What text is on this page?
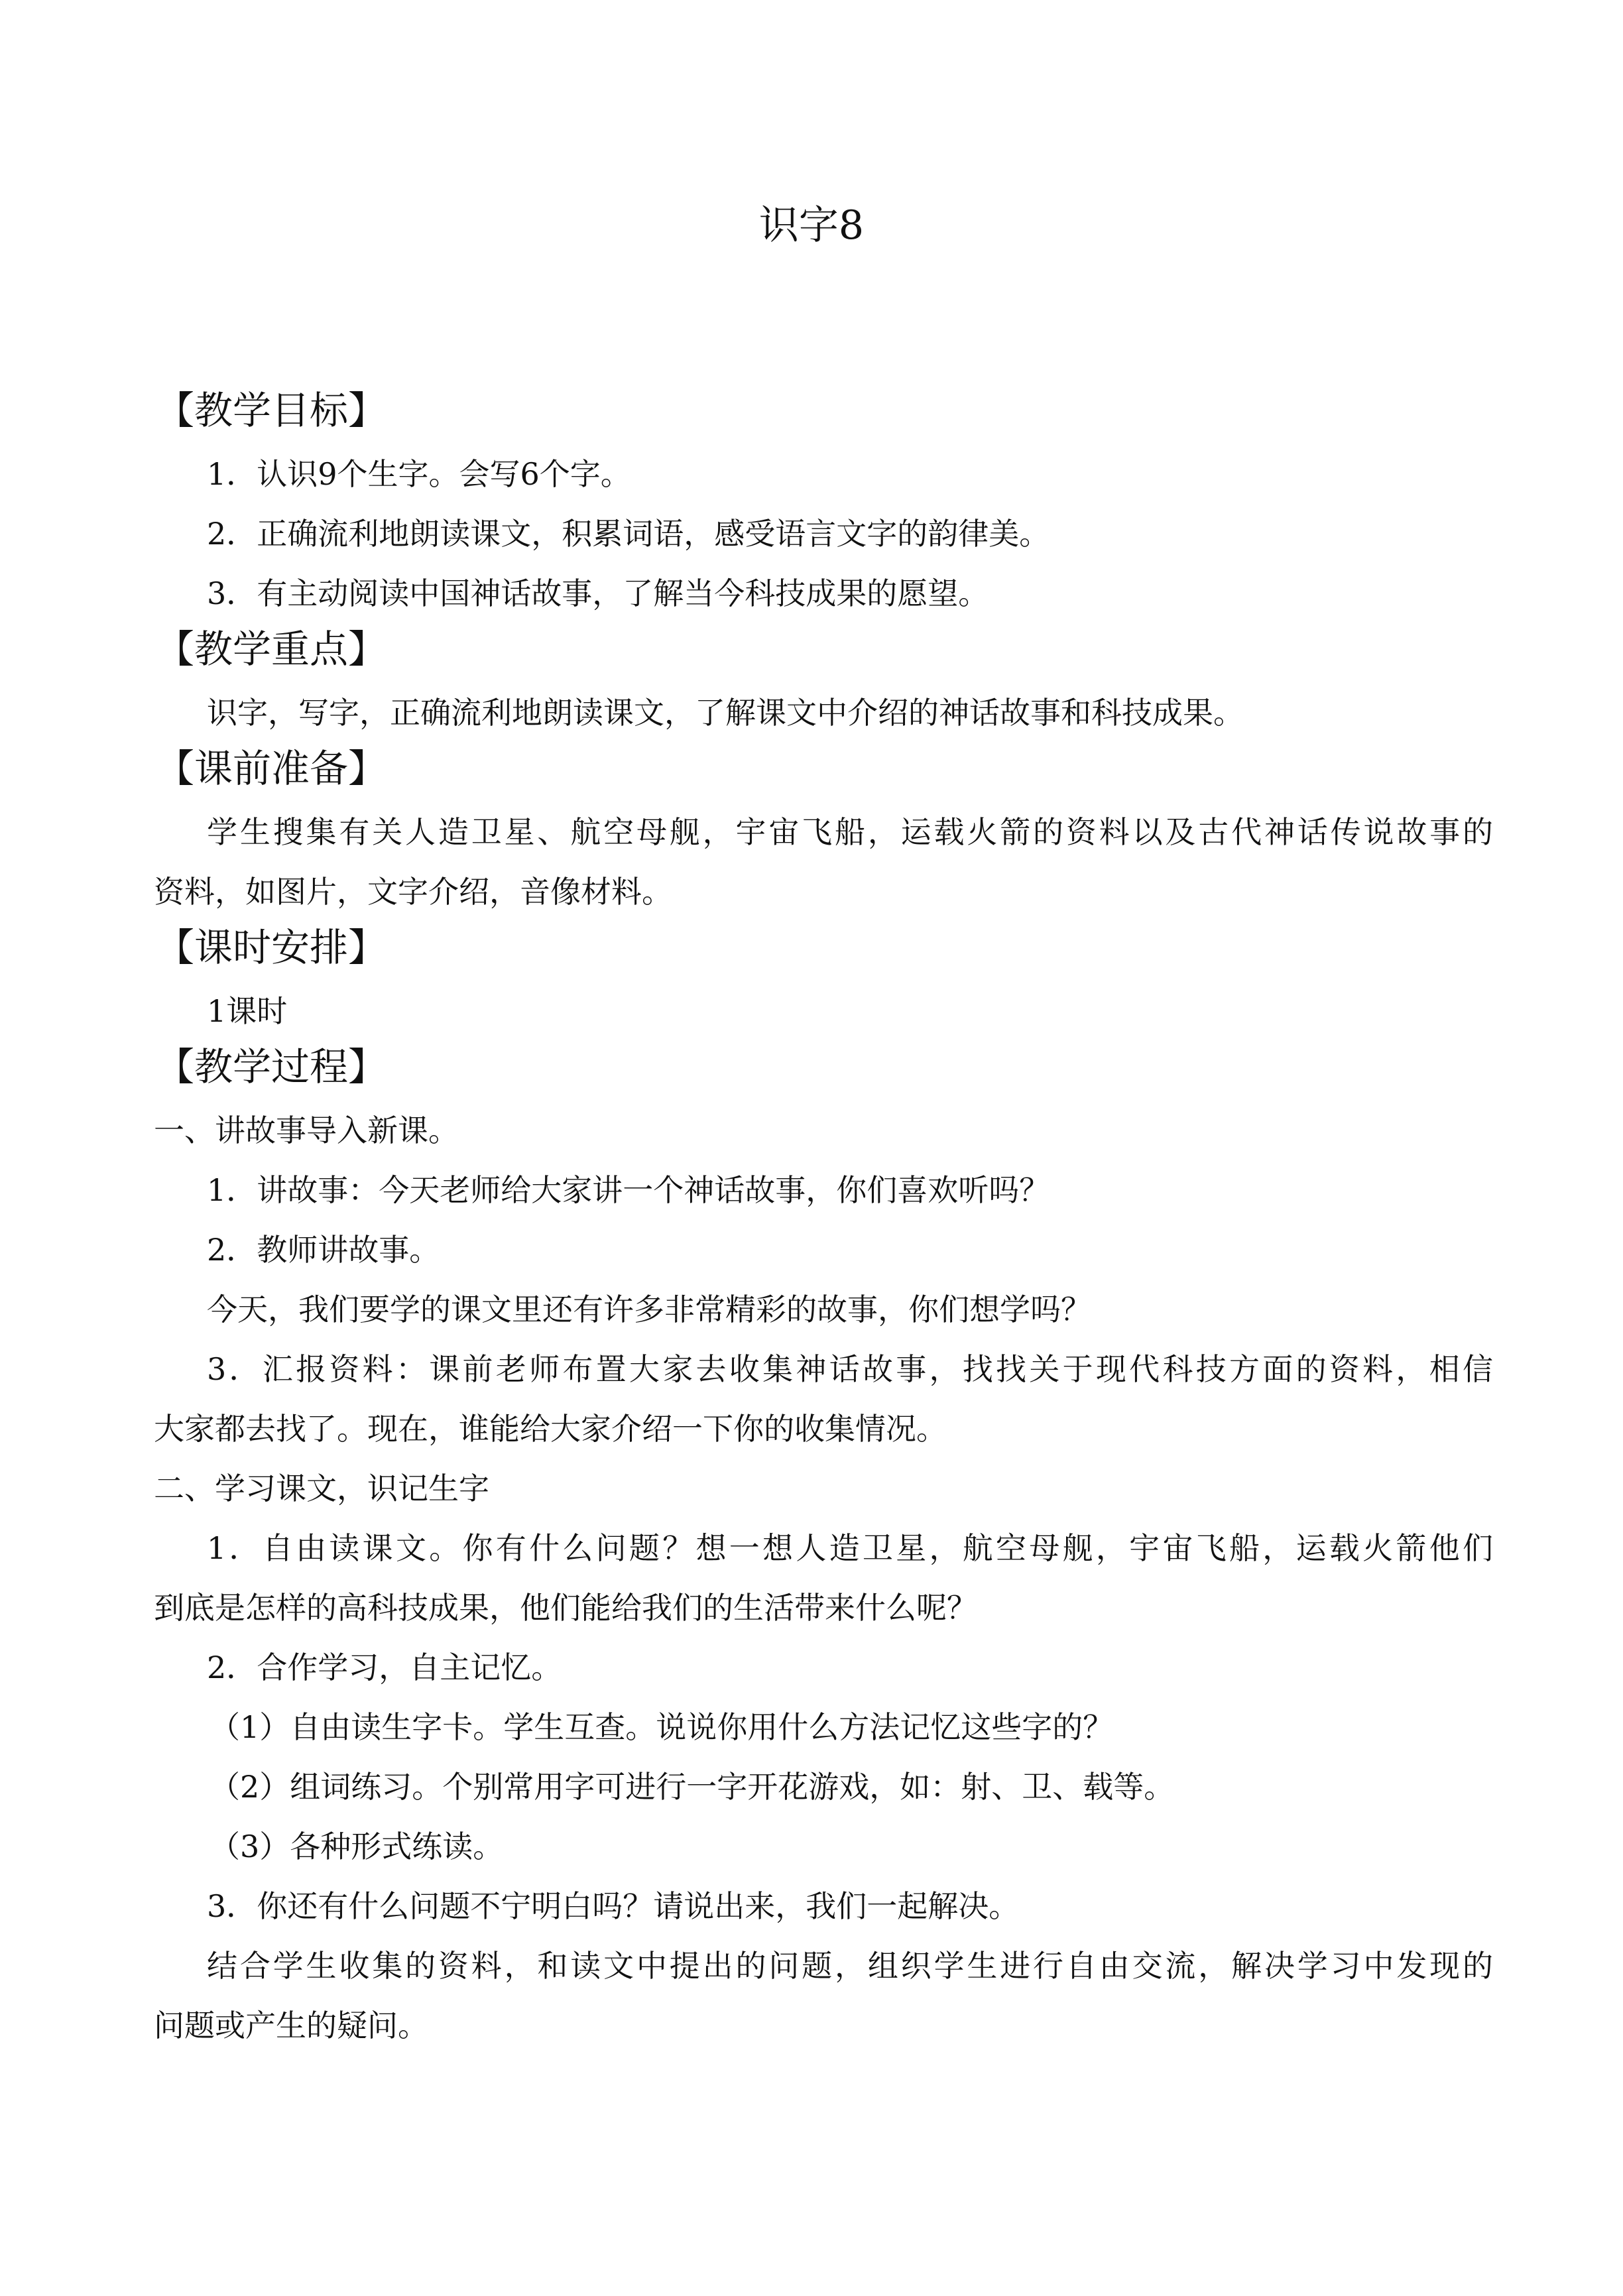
识字8
【教学目标】
1．认识9个生字。会写6个字。
2．正确流利地朗读课文，积累词语，感受语言文字的韵律美。
3．有主动阅读中国神话故事，了解当今科技成果的愿望。
【教学重点】
识字，写字，正确流利地朗读课文，了解课文中介绍的神话故事和科技成果。
【课前准备】
学生搜集有关人造卫星、航空母舰，宇宙飞船，运载火箭的资料以及古代神话传说故事的
资料，如图片，文字介绍，音像材料。
【课时安排】
1课时
【教学过程】
一、讲故事导入新课。
1．讲故事：今天老师给大家讲一个神话故事，你们喜欢听吗？
2．教师讲故事。
今天，我们要学的课文里还有许多非常精彩的故事，你们想学吗？
3．汇报资料：课前老师布置大家去收集神话故事，找找关于现代科技方面的资料，相信
大家都去找了。现在，谁能给大家介绍一下你的收集情况。
二、学习课文，识记生字
1．自由读课文。你有什么问题？想一想人造卫星，航空母舰，宇宙飞船，运载火箭他们
到底是怎样的高科技成果，他们能给我们的生活带来什么呢？
2．合作学习，自主记忆。
（1）自由读生字卡。学生互查。说说你用什么方法记忆这些字的？
（2）组词练习。个别常用字可进行一字开花游戏，如：射、卫、载等。
（3）各种形式练读。
3．你还有什么问题不宁明白吗？请说出来，我们一起解决。
结合学生收集的资料，和读文中提出的问题，组织学生进行自由交流，解决学习中发现的
问题或产生的疑问。
